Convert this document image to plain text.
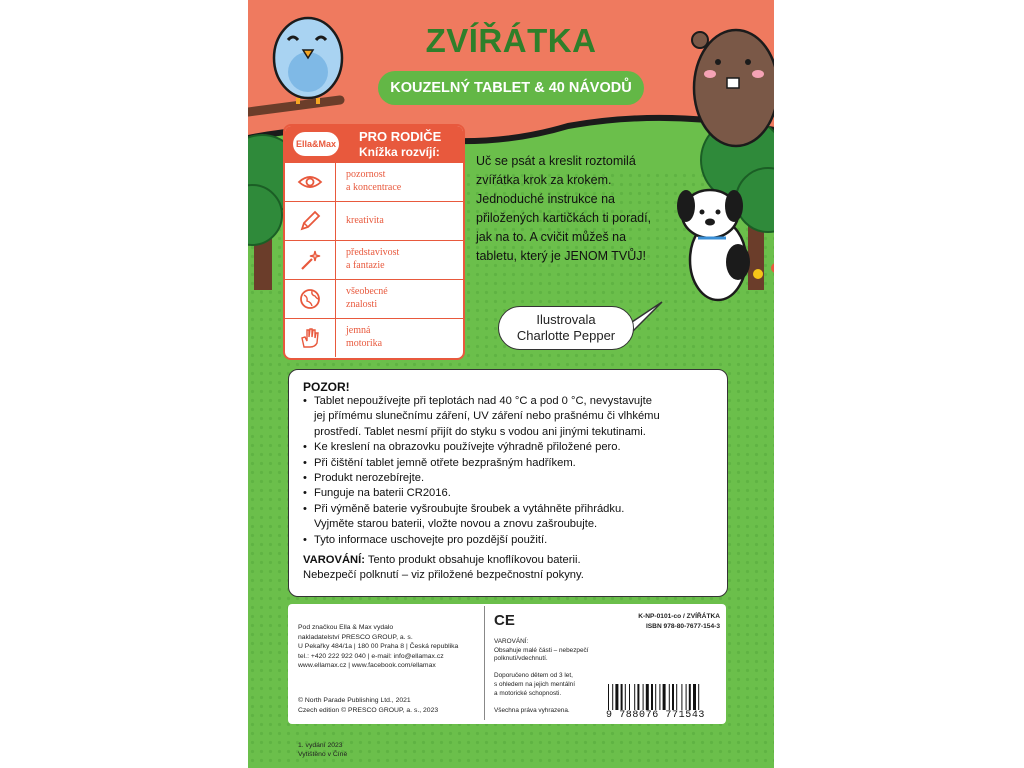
ZVÍŘÁTKA
KOUZELNÝ TABLET & 40 NÁVODŮ
Ella&Max PRO RODIČE
Knížka rozvíjí:
pozornost
a koncentrace
kreativita
představivost
a fantazie
všeobecné
znalosti
jemná
motorika
Uč se psát a kreslit roztomilá
zvířátka krok za krokem.
Jednoduché instrukce na
přiložených kartičkách ti poradí,
jak na to. A cvičit můžeš na
tabletu, který je JENOM TVŮJ!
Ilustrovala
Charlotte Pepper
POZOR!
• Tablet nepoužívejte při teplotách nad 40 °C a pod 0 °C, nevystavujte
jej přímému slunečnímu záření, UV záření nebo prašnému či vlhkému
prostředí. Tablet nesmí přijít do styku s vodou ani jinými tekutinami.
• Ke kreslení na obrazovku používejte výhradně přiložené pero.
• Při čištění tablet jemně otřete bezprašným hadříkem.
• Produkt nerozebírejte.
• Funguje na baterii CR2016.
• Při výměně baterie vyšroubujte šroubek a vytáhněte přihrádku.
Vyjměte starou baterii, vložte novou a znovu zašroubujte.
• Tyto informace uschovejte pro pozdější použití.
VAROVÁNÍ: Tento produkt obsahuje knoflíkovou baterii.
Nebezpečí polknutí – viz přiložené bezpečnostní pokyny.

Pod značkou Ella & Max vydalo
nakladatelství PRESCO GROUP, a. s.
U Pekařky 484/1a | 180 00 Praha 8 | Česká republika
tel.: +420 222 922 040 | e-mail: info@ellamax.cz
www.ellamax.cz | www.facebook.com/ellamax

© North Parade Publishing Ltd., 2021
Czech edition © PRESCO GROUP, a. s., 2023

1. vydání 2023
Vytištěno v Číně

CE
VAROVÁNÍ:
Obsahuje malé části – nebezpečí
polknutí/vdechnutí.

Doporučeno dětem od 3 let,
s ohledem na jejich mentální
a motorické schopnosti.

Všechna práva vyhrazena.
K-NP-0101-co / ZVÍŘÁTKA
ISBN 978-80-7677-154-3
9 788076 771543
